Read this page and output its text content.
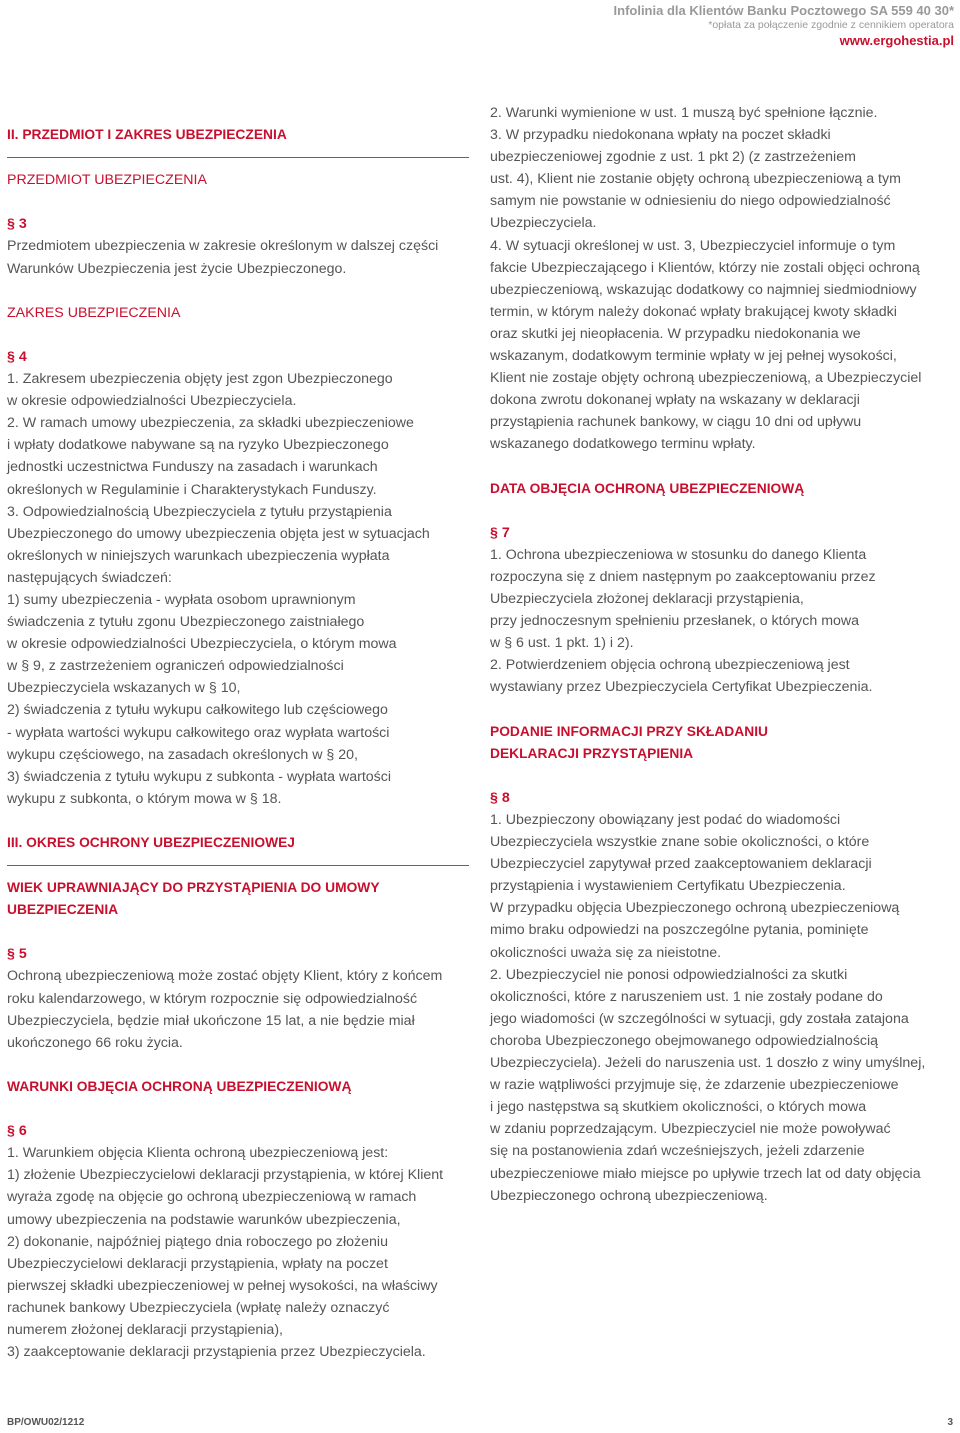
Infolinia dla Klientów Banku Pocztowego SA 559 40 30*
*opłata za połączenie zgodnie z cennikiem operatora
www.ergohestia.pl

II. PRZEDMIOT I ZAKRES UBEZPIECZENIA

PRZEDMIOT UBEZPIECZENIA

§ 3

Przedmiotem ubezpieczenia w zakresie określonym w dalszej części

Warunków Ubezpieczenia jest życie Ubezpieczonego.

ZAKRES UBEZPIECZENIA

§ 4

1. Zakresem ubezpieczenia objęty jest zgon Ubezpieczonego

w okresie odpowiedzialności Ubezpieczyciela.

2. W ramach umowy ubezpieczenia, za składki ubezpieczeniowe

i wpłaty dodatkowe nabywane są na ryzyko Ubezpieczonego

jednostki uczestnictwa Funduszy na zasadach i warunkach

określonych w Regulaminie i Charakterystykach Funduszy.

3. Odpowiedzialnością Ubezpieczyciela z tytułu przystąpienia

Ubezpieczonego do umowy ubezpieczenia objęta jest w sytuacjach

określonych w niniejszych warunkach ubezpieczenia wypłata

następujących świadczeń:

1) sumy ubezpieczenia - wypłata osobom uprawnionym

świadczenia z tytułu zgonu Ubezpieczonego zaistniałego

w okresie odpowiedzialności Ubezpieczyciela, o którym mowa

w § 9, z zastrzeżeniem ograniczeń odpowiedzialności

Ubezpieczyciela wskazanych w § 10,

2) świadczenia z tytułu wykupu całkowitego lub częściowego

- wypłata wartości wykupu całkowitego oraz wypłata wartości

wykupu częściowego, na zasadach określonych w § 20,

3) świadczenia z tytułu wykupu z subkonta - wypłata wartości

wykupu z subkonta, o którym mowa w § 18.

III. OKRES OCHRONY UBEZPIECZENIOWEJ

WIEK UPRAWNIAJĄCY DO PRZYSTĄPIENIA DO UMOWY

UBEZPIECZENIA

§ 5

Ochroną ubezpieczeniową może zostać objęty Klient, który z końcem

roku kalendarzowego, w którym rozpocznie się odpowiedzialność

Ubezpieczyciela, będzie miał ukończone 15 lat, a nie będzie miał

ukończonego 66 roku życia.

WARUNKI OBJĘCIA OCHRONĄ UBEZPIECZENIOWĄ

§ 6

1. Warunkiem objęcia Klienta ochroną ubezpieczeniową jest:

1) złożenie Ubezpieczycielowi deklaracji przystąpienia, w której Klient

wyraża zgodę na objęcie go ochroną ubezpieczeniową w ramach

umowy ubezpieczenia na podstawie warunków ubezpieczenia,

2) dokonanie, najpóźniej piątego dnia roboczego po złożeniu

Ubezpieczycielowi deklaracji przystąpienia, wpłaty na poczet

pierwszej składki ubezpieczeniowej w pełnej wysokości, na właściwy

rachunek bankowy Ubezpieczyciela (wpłatę należy oznaczyć

numerem złożonej deklaracji przystąpienia),

3) zaakceptowanie deklaracji przystąpienia przez Ubezpieczyciela.

2. Warunki wymienione w ust. 1 muszą być spełnione łącznie.

3. W przypadku niedokonana wpłaty na poczet składki

ubezpieczeniowej zgodnie z ust. 1 pkt 2) (z zastrzeżeniem

ust. 4), Klient nie zostanie objęty ochroną ubezpieczeniową a tym

samym nie powstanie w odniesieniu do niego odpowiedzialność

Ubezpieczyciela.

4. W sytuacji określonej w ust. 3, Ubezpieczyciel informuje o tym

fakcie Ubezpieczającego i Klientów, którzy nie zostali objęci ochroną

ubezpieczeniową, wskazując dodatkowy co najmniej siedmiodniowy

termin, w którym należy dokonać wpłaty brakującej kwoty składki

oraz skutki jej nieopłacenia. W przypadku niedokonania we

wskazanym, dodatkowym terminie wpłaty w jej pełnej wysokości,

Klient nie zostaje objęty ochroną ubezpieczeniową, a Ubezpieczyciel

dokona zwrotu dokonanej wpłaty na wskazany w deklaracji

przystąpienia rachunek bankowy, w ciągu 10 dni od upływu

wskazanego dodatkowego terminu wpłaty.

DATA OBJĘCIA OCHRONĄ UBEZPIECZENIOWĄ

§ 7

1. Ochrona ubezpieczeniowa w stosunku do danego Klienta

rozpoczyna się z dniem następnym po zaakceptowaniu przez

Ubezpieczyciela złożonej deklaracji przystąpienia,

przy jednoczesnym spełnieniu przesłanek, o których mowa

w § 6 ust. 1 pkt. 1) i 2).

2. Potwierdzeniem objęcia ochroną ubezpieczeniową jest

wystawiany przez Ubezpieczyciela Certyfikat Ubezpieczenia.

PODANIE INFORMACJI PRZY SKŁADANIU

DEKLARACJI PRZYSTĄPIENIA

§ 8

1. Ubezpieczony obowiązany jest podać do wiadomości

Ubezpieczyciela wszystkie znane sobie okoliczności, o które

Ubezpieczyciel zapytywał przed zaakceptowaniem deklaracji

przystąpienia i wystawieniem Certyfikatu Ubezpieczenia.

W przypadku objęcia Ubezpieczonego ochroną ubezpieczeniową

mimo braku odpowiedzi na poszczególne pytania, pominięte

okoliczności uważa się za nieistotne.

2. Ubezpieczyciel nie ponosi odpowiedzialności za skutki

okoliczności, które z naruszeniem ust. 1 nie zostały podane do

jego wiadomości (w szczególności w sytuacji, gdy została zatajona

choroba Ubezpieczonego obejmowanego odpowiedzialnością

Ubezpieczyciela). Jeżeli do naruszenia ust. 1 doszło z winy umyślnej,

w razie wątpliwości przyjmuje się, że zdarzenie ubezpieczeniowe

i jego następstwa są skutkiem okoliczności, o których mowa

w zdaniu poprzedzającym. Ubezpieczyciel nie może powoływać

się na postanowienia zdań wcześniejszych, jeżeli zdarzenie

ubezpieczeniowe miało miejsce po upływie trzech lat od daty objęcia

Ubezpieczonego ochroną ubezpieczeniową.

BP/OWU02/1212	3
